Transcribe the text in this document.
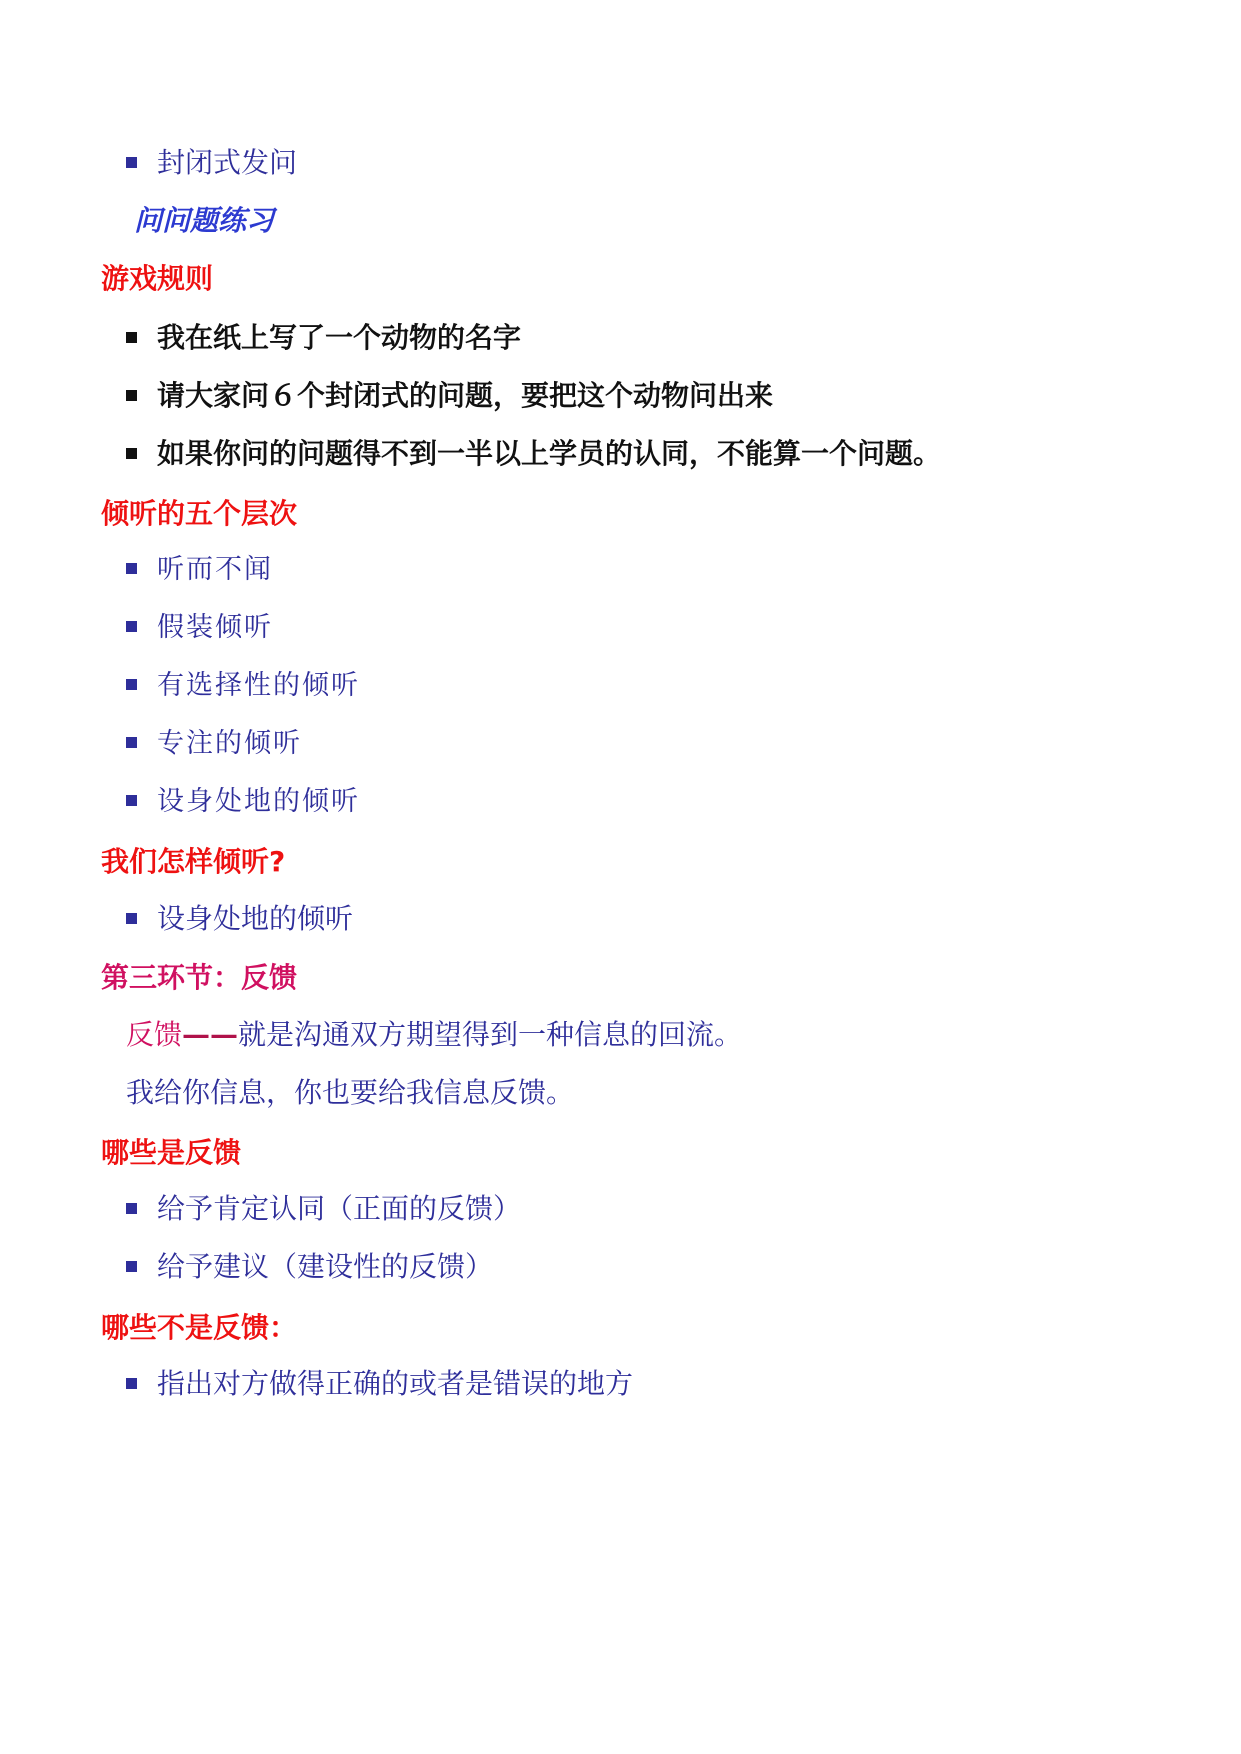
封闭式发问
问问题练习
游戏规则
我在纸上写了一个动物的名字
请大家问６个封闭式的问题，要把这个动物问出来
如果你问的问题得不到一半以上学员的认同，不能算一个问题。
倾听的五个层次
听而不闻
假装倾听
有选择性的倾听
专注的倾听
设身处地的倾听
我们怎样倾听?
设身处地的倾听
第三环节：反馈
反馈——就是沟通双方期望得到一种信息的回流。
我给你信息，你也要给我信息反馈。
哪些是反馈
给予肯定认同（正面的反馈）
给予建议（建设性的反馈）
哪些不是反馈：
指出对方做得正确的或者是错误的地方
